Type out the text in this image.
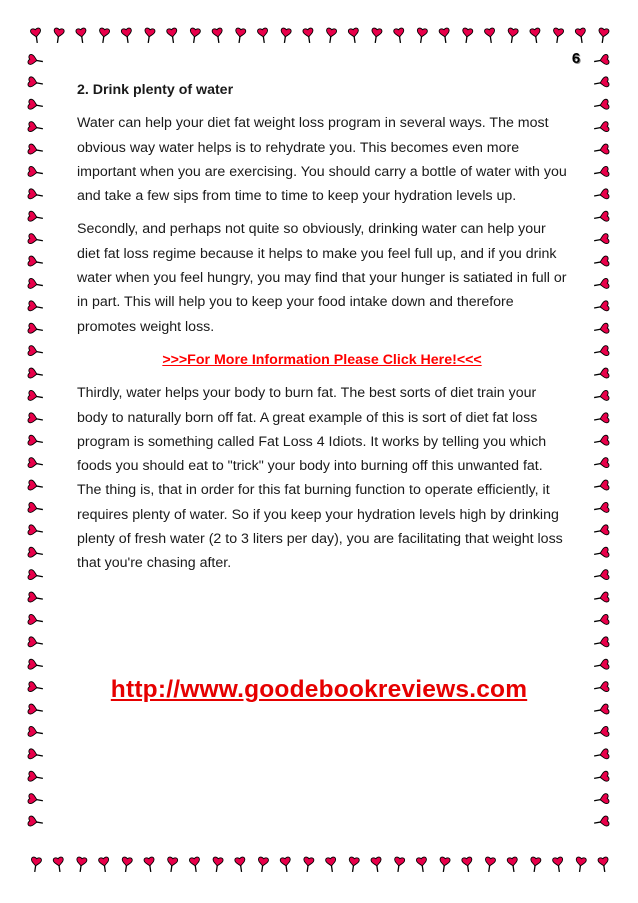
6
2. Drink plenty of water

Water can help your diet fat weight loss program in several ways. The most obvious way water helps is to rehydrate you. This becomes even more important when you are exercising. You should carry a bottle of water with you and take a few sips from time to time to keep your hydration levels up.

Secondly, and perhaps not quite so obviously, drinking water can help your diet fat loss regime because it helps to make you feel full up, and if you drink water when you feel hungry, you may find that your hunger is satiated in full or in part. This will help you to keep your food intake down and therefore promotes weight loss.

>>>For More Information Please Click Here!<<<

Thirdly, water helps your body to burn fat. The best sorts of diet train your body to naturally born off fat. A great example of this is sort of diet fat loss program is something called Fat Loss 4 Idiots. It works by telling you which foods you should eat to "trick" your body into burning off this unwanted fat. The thing is, that in order for this fat burning function to operate efficiently, it requires plenty of water. So if you keep your hydration levels high by drinking plenty of fresh water (2 to 3 liters per day), you are facilitating that weight loss that you're chasing after.

http://www.goodebookreviews.com
